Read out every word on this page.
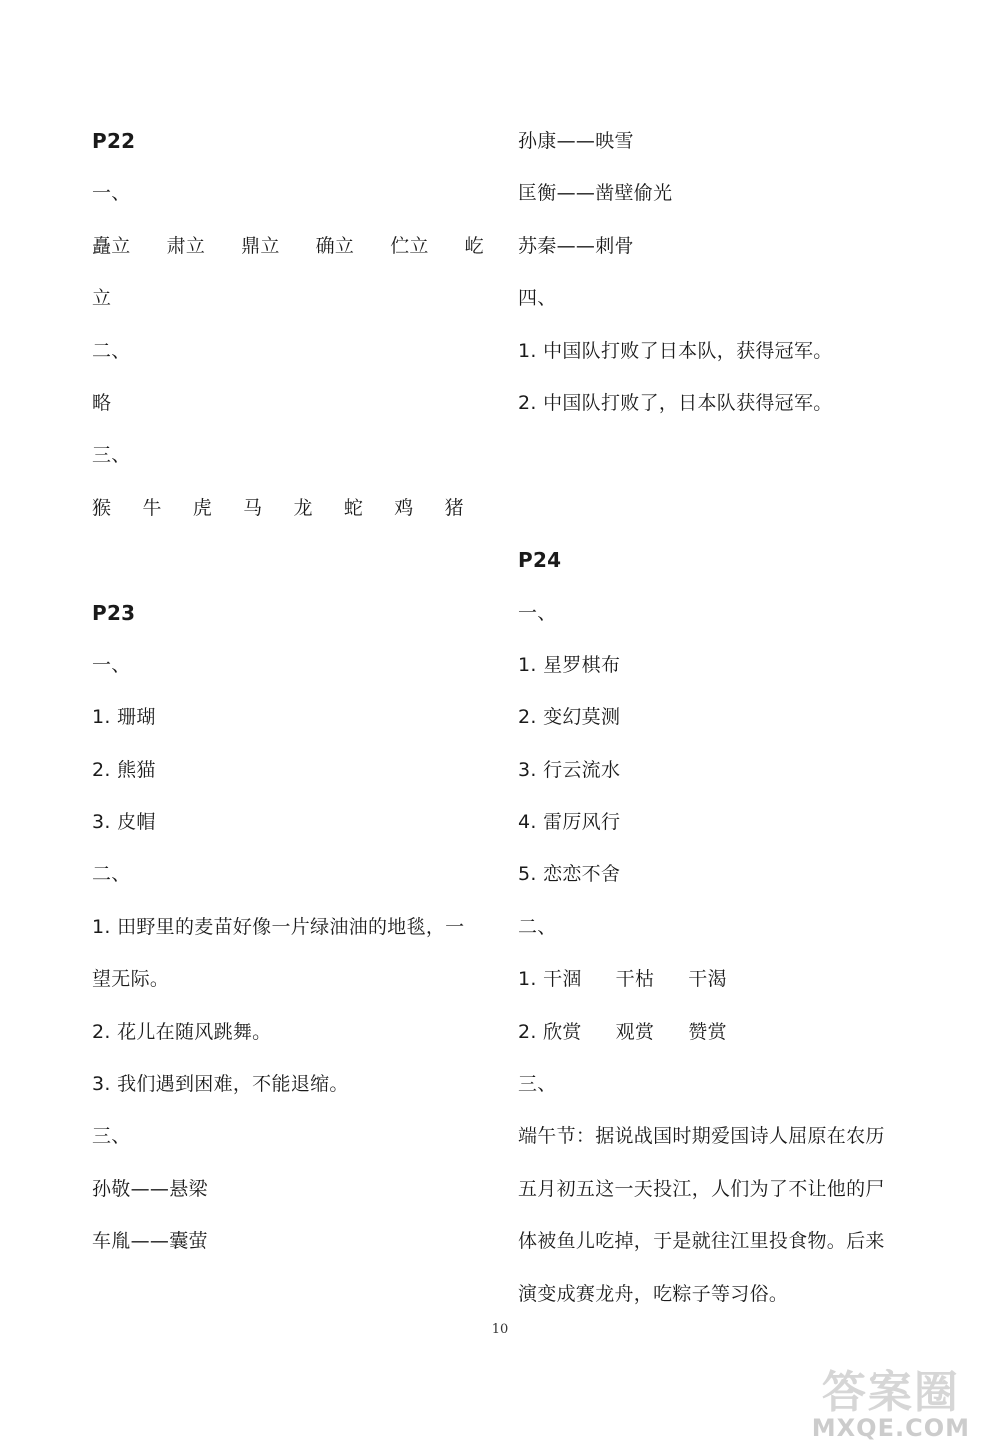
P22
一、
矗立 肃立 鼎立 确立 伫立 屹
立
二、
略
三、
猴 牛 虎 马 龙 蛇 鸡 猪
P23
一、
1. 珊瑚
2. 熊猫
3. 皮帽
二、
1. 田野里的麦苗好像一片绿油油的地毯，一
望无际。
2. 花儿在随风跳舞。
3. 我们遇到困难，不能退缩。
三、
孙敬——悬梁
车胤——囊萤
孙康——映雪
匡衡——凿壁偷光
苏秦——刺骨
四、
1. 中国队打败了日本队，获得冠军。
2. 中国队打败了，日本队获得冠军。
P24
一、
1. 星罗棋布
2. 变幻莫测
3. 行云流水
4. 雷厉风行
5. 恋恋不舍
二、
1. 干涸 干枯 干渴
2. 欣赏 观赏 赞赏
三、
端午节：据说战国时期爱国诗人屈原在农历
五月初五这一天投江，人们为了不让他的尸
体被鱼儿吃掉，于是就往江里投食物。后来
演变成赛龙舟，吃粽子等习俗。
10
答案圈
MXQE.COM
